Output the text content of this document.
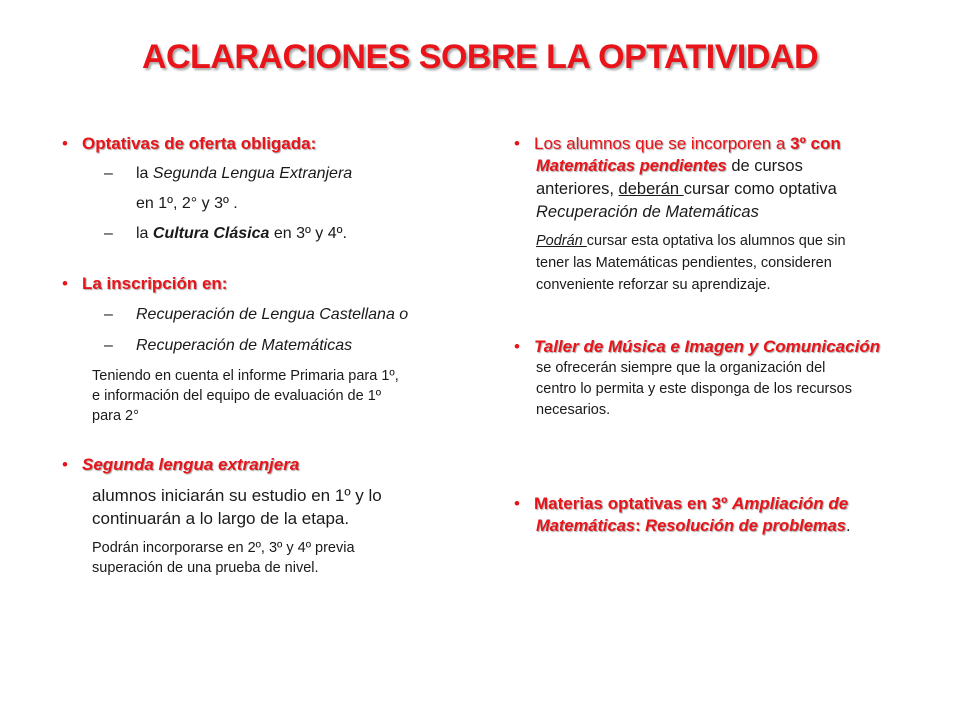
ACLARACIONES SOBRE LA OPTATIVIDAD
• Optativas de oferta obligada:
– la Segunda Lengua Extranjera
en 1º, 2° y 3º .
– la Cultura Clásica en 3º y 4º.
• La inscripción en:
– Recuperación de Lengua Castellana o
– Recuperación de Matemáticas
Teniendo en cuenta el informe Primaria para 1º,
e información del equipo de evaluación de 1º
para 2°
• Segunda lengua extranjera
alumnos iniciarán su estudio en 1º y lo
continuarán a lo largo de la etapa.
Podrán incorporarse en 2º, 3º y 4º previa
superación de una prueba de nivel.
• Los alumnos que se incorporen a 3º con
Matemáticas pendientes de cursos
anteriores, deberán cursar como optativa
Recuperación de Matemáticas
Podrán cursar esta optativa los alumnos que sin
tener las Matemáticas pendientes, consideren
conveniente reforzar su aprendizaje.
• Taller de Música e Imagen y Comunicación
se ofrecerán siempre que la organización del
centro lo permita y este disponga de los recursos
necesarios.
• Materias optativas en 3º Ampliación de
Matemáticas: Resolución de problemas.
